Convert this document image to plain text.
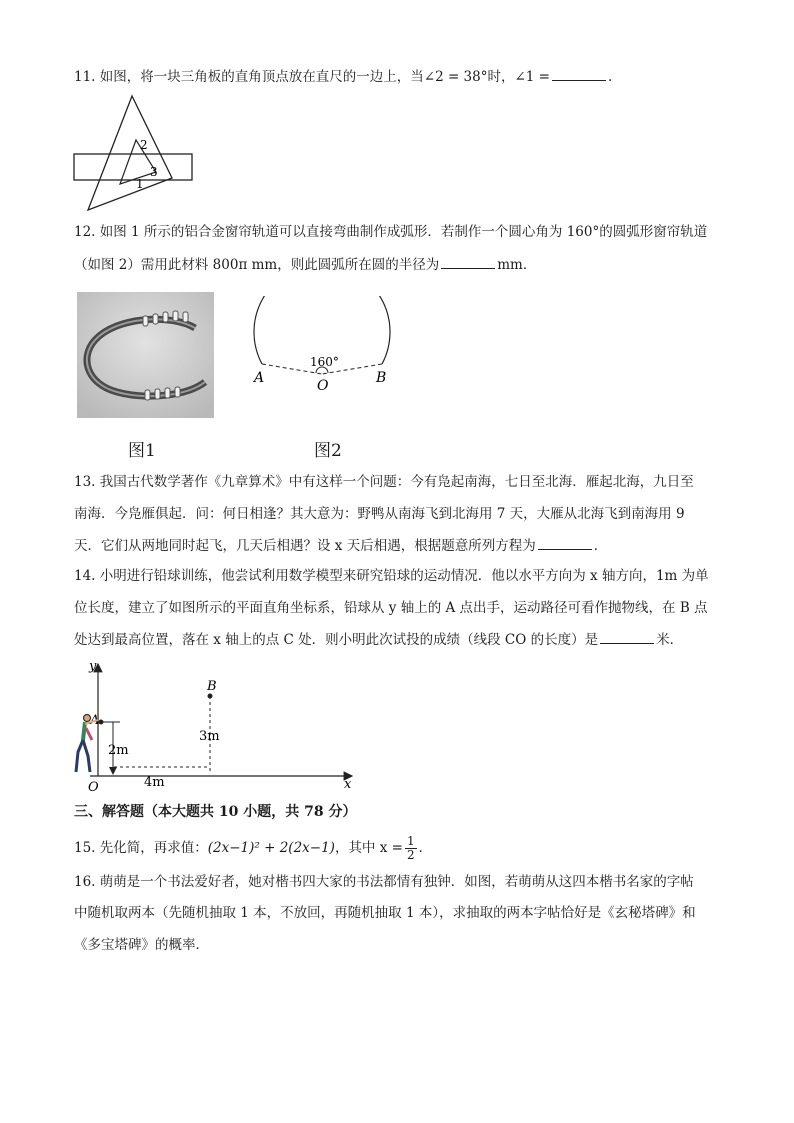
11. 如图，将一块三角板的直角顶点放在直尺的一边上，当∠2 = 38°时，∠1 =	.
2
3
1
12. 如图 1 所示的铝合金窗帘轨道可以直接弯曲制作成弧形．若制作一个圆心角为 160°的圆弧形窗帘轨道
（如图 2）需用此材料 800π mm，则此圆弧所在圆的半径为	mm．
图1
160°
A	O	B
图2
13. 我国古代数学著作《九章算术》中有这样一个问题：今有凫起南海，七日至北海．雁起北海，九日至
南海．今凫雁俱起．问：何日相逢？其大意为：野鸭从南海飞到北海用 7 天，大雁从北海飞到南海用 9
天．它们从两地同时起飞，几天后相遇？设 x 天后相遇，根据题意所列方程为	．
14. 小明进行铅球训练，他尝试利用数学模型来研究铅球的运动情况．他以水平方向为 x 轴方向，1m 为单
位长度，建立了如图所示的平面直角坐标系，铅球从 y 轴上的 A 点出手，运动路径可看作抛物线，在 B 点
处达到最高位置，落在 x 轴上的点 C 处．则小明此次试投的成绩（线段 CO 的长度）是	米．
y
x
O
A
2m
B
3m
4m
三、解答题（本大题共 10 小题，共 78 分）
15. 先化简，再求值：(2x−1)² + 2(2x−1)，其中 $x = \frac{1}{2}$ ．
16. 萌萌是一个书法爱好者，她对楷书四大家的书法都情有独钟．如图，若萌萌从这四本楷书名家的字帖
中随机取两本（先随机抽取 1 本，不放回，再随机抽取 1 本），求抽取的两本字帖恰好是《玄秘塔碑》和
《多宝塔碑》的概率．
